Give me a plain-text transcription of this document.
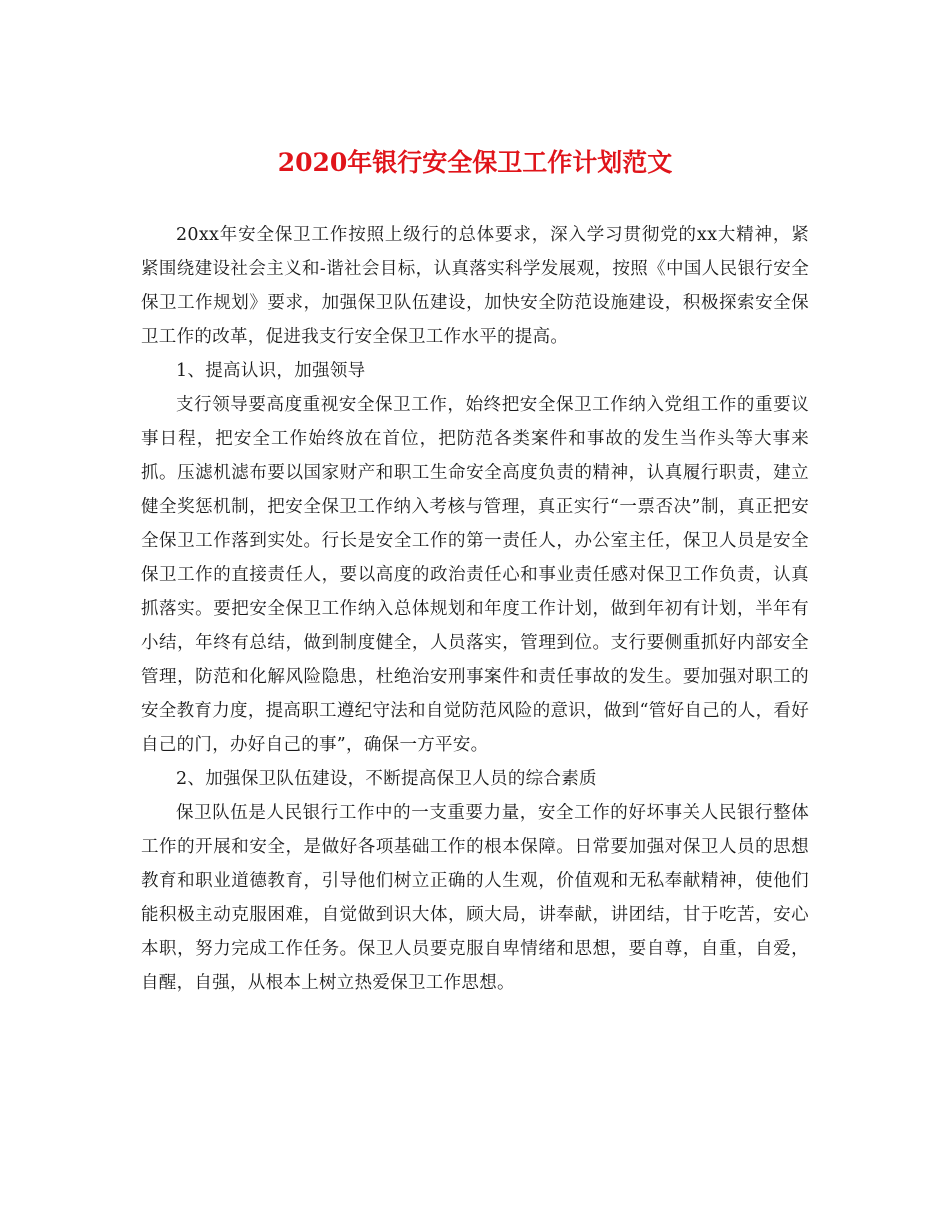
2020年银行安全保卫工作计划范文

20xx年安全保卫工作按照上级行的总体要求，深入学习贯彻党的xx大精神，紧紧围绕建设社会主义和-谐社会目标，认真落实科学发展观，按照《中国人民银行安全保卫工作规划》要求，加强保卫队伍建设，加快安全防范设施建设，积极探索安全保卫工作的改革，促进我支行安全保卫工作水平的提高。

1、提高认识，加强领导

支行领导要高度重视安全保卫工作，始终把安全保卫工作纳入党组工作的重要议事日程，把安全工作始终放在首位，把防范各类案件和事故的发生当作头等大事来抓。压滤机滤布要以国家财产和职工生命安全高度负责的精神，认真履行职责，建立健全奖惩机制，把安全保卫工作纳入考核与管理，真正实行“一票否决”制，真正把安全保卫工作落到实处。行长是安全工作的第一责任人，办公室主任，保卫人员是安全保卫工作的直接责任人，要以高度的政治责任心和事业责任感对保卫工作负责，认真抓落实。要把安全保卫工作纳入总体规划和年度工作计划，做到年初有计划，半年有小结，年终有总结，做到制度健全，人员落实，管理到位。支行要侧重抓好内部安全管理，防范和化解风险隐患，杜绝治安刑事案件和责任事故的发生。要加强对职工的安全教育力度，提高职工遵纪守法和自觉防范风险的意识，做到“管好自己的人，看好自己的门，办好自己的事”，确保一方平安。

2、加强保卫队伍建设，不断提高保卫人员的综合素质

保卫队伍是人民银行工作中的一支重要力量，安全工作的好坏事关人民银行整体工作的开展和安全，是做好各项基础工作的根本保障。日常要加强对保卫人员的思想教育和职业道德教育，引导他们树立正确的人生观，价值观和无私奉献精神，使他们能积极主动克服困难，自觉做到识大体，顾大局，讲奉献，讲团结，甘于吃苦，安心本职，努力完成工作任务。保卫人员要克服自卑情绪和思想，要自尊，自重，自爱，自醒，自强，从根本上树立热爱保卫工作思想。
